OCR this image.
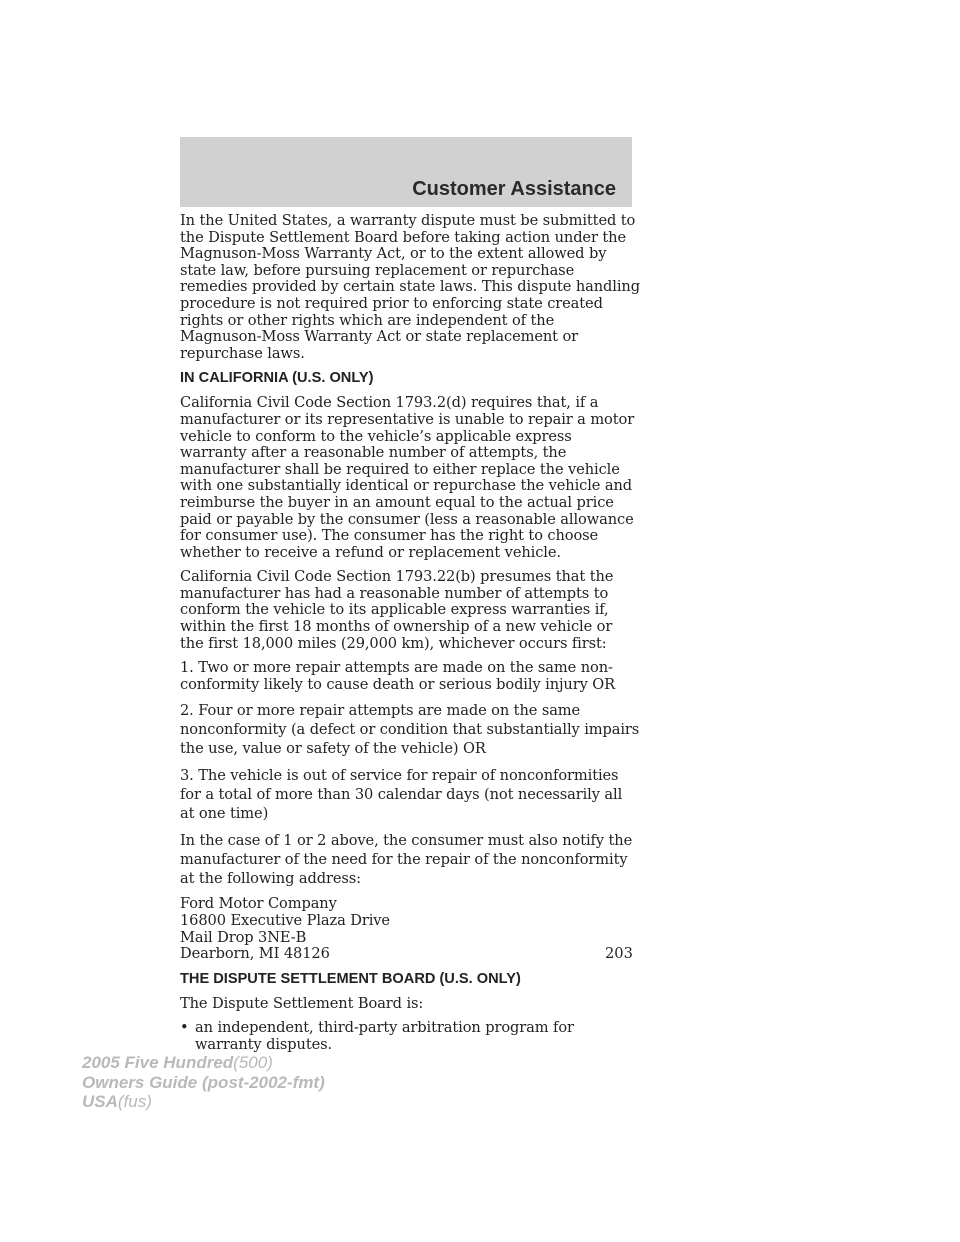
Customer Assistance

In the United States, a warranty dispute must be submitted to the Dispute Settlement Board before taking action under the Magnuson-Moss Warranty Act, or to the extent allowed by state law, before pursuing replacement or repurchase remedies provided by certain state laws. This dispute handling procedure is not required prior to enforcing state created rights or other rights which are independent of the Magnuson-Moss Warranty Act or state replacement or repurchase laws.

IN CALIFORNIA (U.S. ONLY)

California Civil Code Section 1793.2(d) requires that, if a manufacturer or its representative is unable to repair a motor vehicle to conform to the vehicle’s applicable express warranty after a reasonable number of attempts, the manufacturer shall be required to either replace the vehicle with one substantially identical or repurchase the vehicle and reimburse the buyer in an amount equal to the actual price paid or payable by the consumer (less a reasonable allowance for consumer use). The consumer has the right to choose whether to receive a refund or replacement vehicle.

California Civil Code Section 1793.22(b) presumes that the manufacturer has had a reasonable number of attempts to conform the vehicle to its applicable express warranties if, within the first 18 months of ownership of a new vehicle or the first 18,000 miles (29,000 km), whichever occurs first:

1. Two or more repair attempts are made on the same non-conformity likely to cause death or serious bodily injury OR

2. Four or more repair attempts are made on the same nonconformity (a defect or condition that substantially impairs the use, value or safety of the vehicle) OR

3. The vehicle is out of service for repair of nonconformities for a total of more than 30 calendar days (not necessarily all at one time)

In the case of 1 or 2 above, the consumer must also notify the manufacturer of the need for the repair of the nonconformity at the following address:

Ford Motor Company
16800 Executive Plaza Drive
Mail Drop 3NE-B
Dearborn, MI 48126

THE DISPUTE SETTLEMENT BOARD (U.S. ONLY)

The Dispute Settlement Board is:

• an independent, third-party arbitration program for warranty disputes.
203
2005 Five Hundred(500)
Owners Guide (post-2002-fmt)
USA(fus)
